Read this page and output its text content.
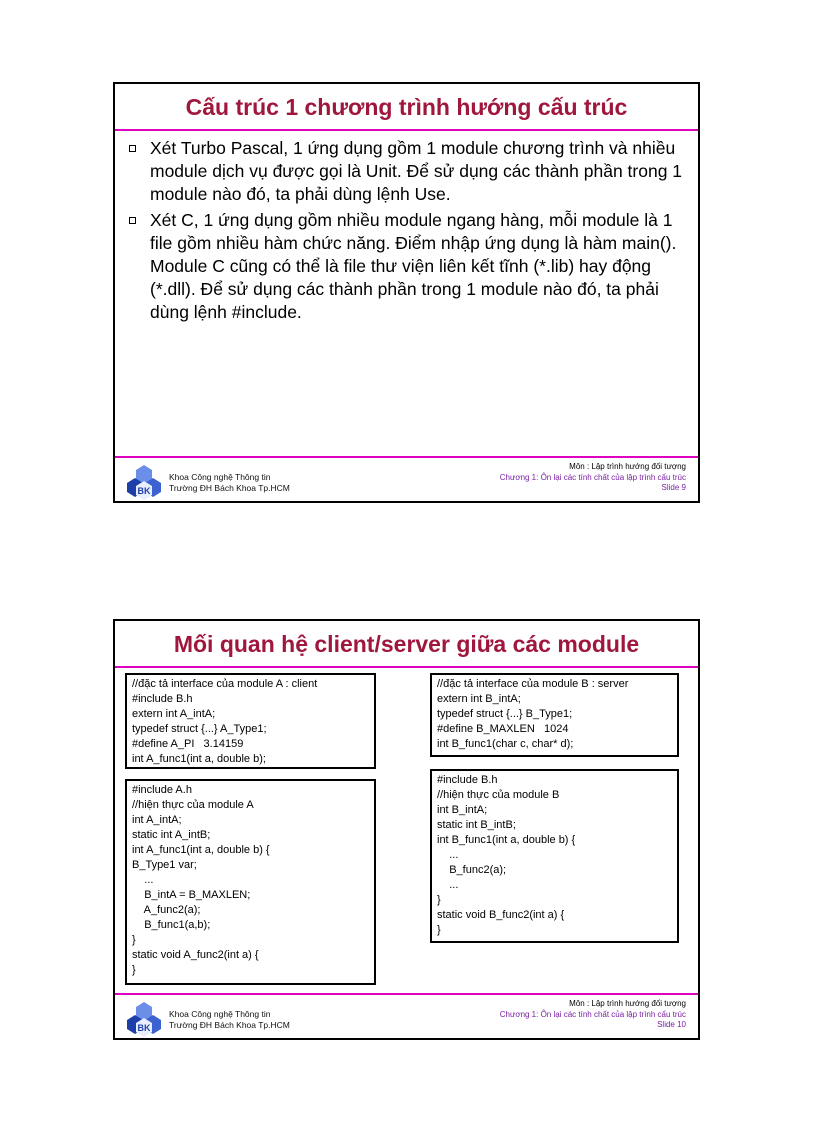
Cấu trúc 1 chương trình hướng cấu trúc
Xét Turbo Pascal, 1 ứng dụng gồm 1 module chương trình và nhiều module dịch vụ được gọi là Unit. Để sử dụng các thành phần trong 1 module nào đó, ta phải dùng lệnh Use.
Xét C, 1 ứng dụng gồm nhiều module ngang hàng, mỗi module là 1 file gồm nhiều hàm chức năng. Điểm nhập ứng dụng là hàm main(). Module C cũng có thể là file thư viện liên kết tĩnh (*.lib) hay động (*.dll). Để sử dụng các thành phần trong 1 module nào đó, ta phải dùng lệnh #include.
BK
Khoa Công nghệ Thông tin
Trường ĐH Bách Khoa Tp.HCM
Môn : Lập trình hướng đối tượng
Chương 1: Ôn lại các tính chất của lập trình cấu trúc
Slide 9
Mối quan hệ client/server giữa các module
//đặc tả interface của module A : client
#include B.h
extern int A_intA;
typedef struct {...} A_Type1;
#define A_PI   3.14159
int A_func1(int a, double b);
#include A.h
//hiện thực của module A
int A_intA;
static int A_intB;
int A_func1(int a, double b) {
B_Type1 var;
...
B_intA = B_MAXLEN;
A_func2(a);
B_func1(a,b);
}
static void A_func2(int a) {
}
//đặc tả interface của module B : server
extern int B_intA;
typedef struct {...} B_Type1;
#define B_MAXLEN   1024
int B_func1(char c, char* d);
#include B.h
//hiện thực của module B
int B_intA;
static int B_intB;
int B_func1(int a, double b) {
...
B_func2(a);
...
}
static void B_func2(int a) {
}
BK
Khoa Công nghệ Thông tin
Trường ĐH Bách Khoa Tp.HCM
Môn : Lập trình hướng đối tượng
Chương 1: Ôn lại các tính chất của lập trình cấu trúc
Slide 10
